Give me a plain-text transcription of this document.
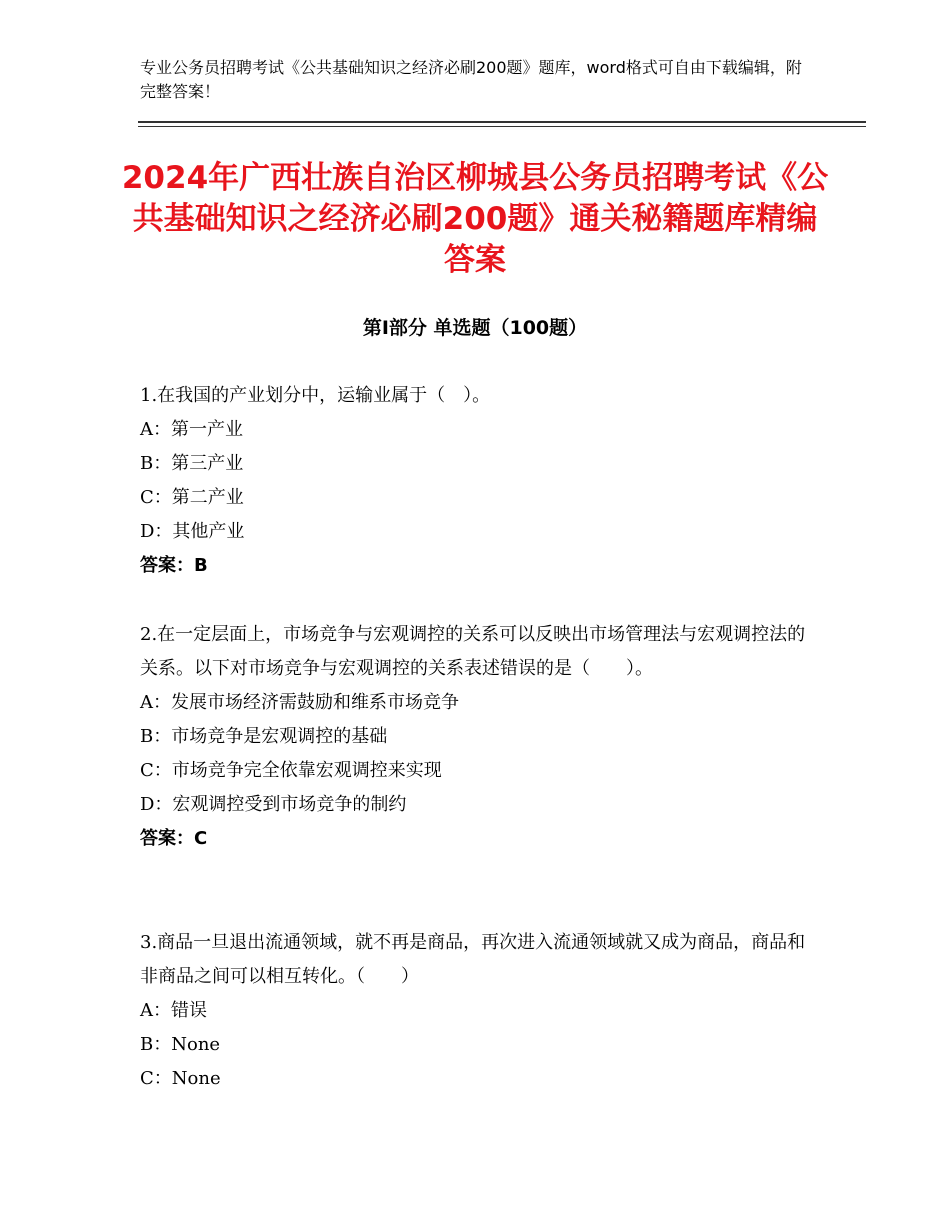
专业公务员招聘考试《公共基础知识之经济必刷200题》题库，word格式可自由下载编辑，附完整答案！
2024年广西壮族自治区柳城县公务员招聘考试《公共基础知识之经济必刷200题》通关秘籍题库精编答案
第Ⅰ部分 单选题（100题）
1.在我国的产业划分中，运输业属于（　）。
A：第一产业
B：第三产业
C：第二产业
D：其他产业
答案：B
2.在一定层面上，市场竞争与宏观调控的关系可以反映出市场管理法与宏观调控法的关系。以下对市场竞争与宏观调控的关系表述错误的是（　　）。
A：发展市场经济需鼓励和维系市场竞争
B：市场竞争是宏观调控的基础
C：市场竞争完全依靠宏观调控来实现
D：宏观调控受到市场竞争的制约
答案：C
3.商品一旦退出流通领域，就不再是商品，再次进入流通领域就又成为商品，商品和非商品之间可以相互转化。（　　）
A：错误
B：None
C：None
